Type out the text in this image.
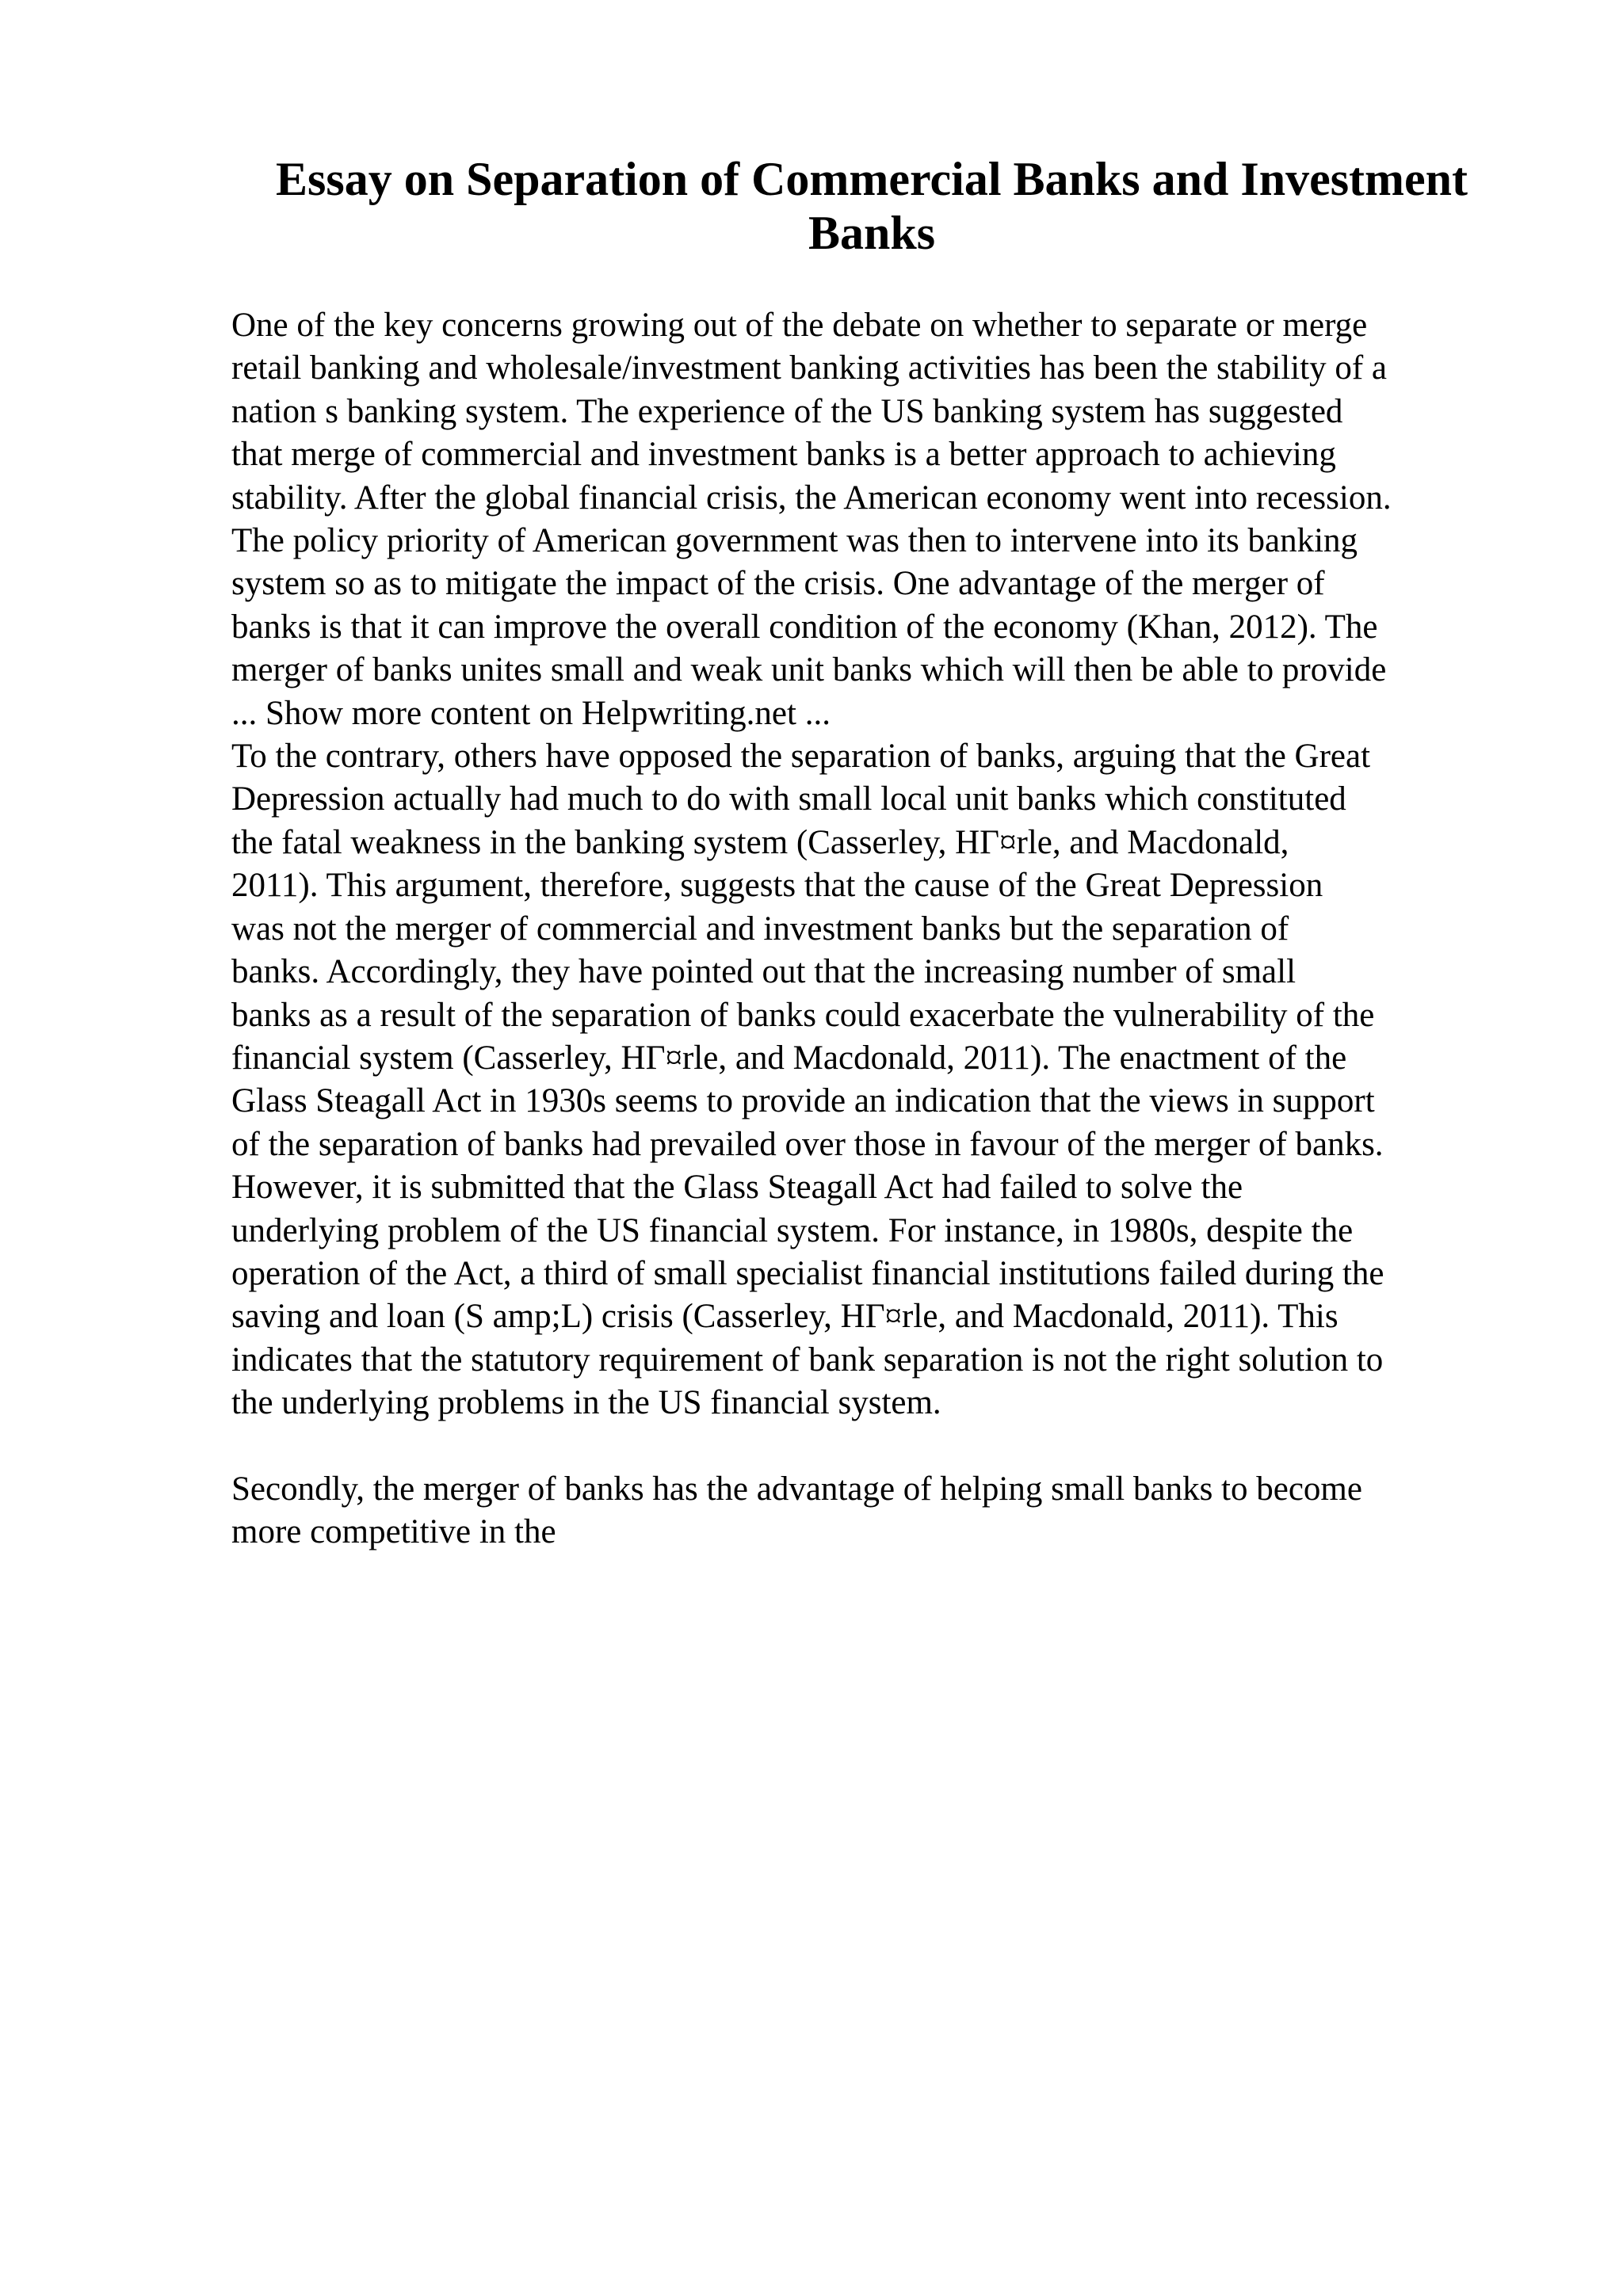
Essay on Separation of Commercial Banks and Investment Banks
One of the key concerns growing out of the debate on whether to separate or merge
retail banking and wholesale/investment banking activities has been the stability of a
nation s banking system. The experience of the US banking system has suggested
that merge of commercial and investment banks is a better approach to achieving
stability. After the global financial crisis, the American economy went into recession.
The policy priority of American government was then to intervene into its banking
system so as to mitigate the impact of the crisis. One advantage of the merger of
banks is that it can improve the overall condition of the economy (Khan, 2012). The
merger of banks unites small and weak unit banks which will then be able to provide
... Show more content on Helpwriting.net ...
To the contrary, others have opposed the separation of banks, arguing that the Great
Depression actually had much to do with small local unit banks which constituted
the fatal weakness in the banking system (Casserley, HΓ¤rle, and Macdonald,
2011). This argument, therefore, suggests that the cause of the Great Depression
was not the merger of commercial and investment banks but the separation of
banks. Accordingly, they have pointed out that the increasing number of small
banks as a result of the separation of banks could exacerbate the vulnerability of the
financial system (Casserley, HΓ¤rle, and Macdonald, 2011). The enactment of the
Glass Steagall Act in 1930s seems to provide an indication that the views in support
of the separation of banks had prevailed over those in favour of the merger of banks.
However, it is submitted that the Glass Steagall Act had failed to solve the
underlying problem of the US financial system. For instance, in 1980s, despite the
operation of the Act, a third of small specialist financial institutions failed during the
saving and loan (S amp;L) crisis (Casserley, HΓ¤rle, and Macdonald, 2011). This
indicates that the statutory requirement of bank separation is not the right solution to
the underlying problems in the US financial system.
Secondly, the merger of banks has the advantage of helping small banks to become
more competitive in the
